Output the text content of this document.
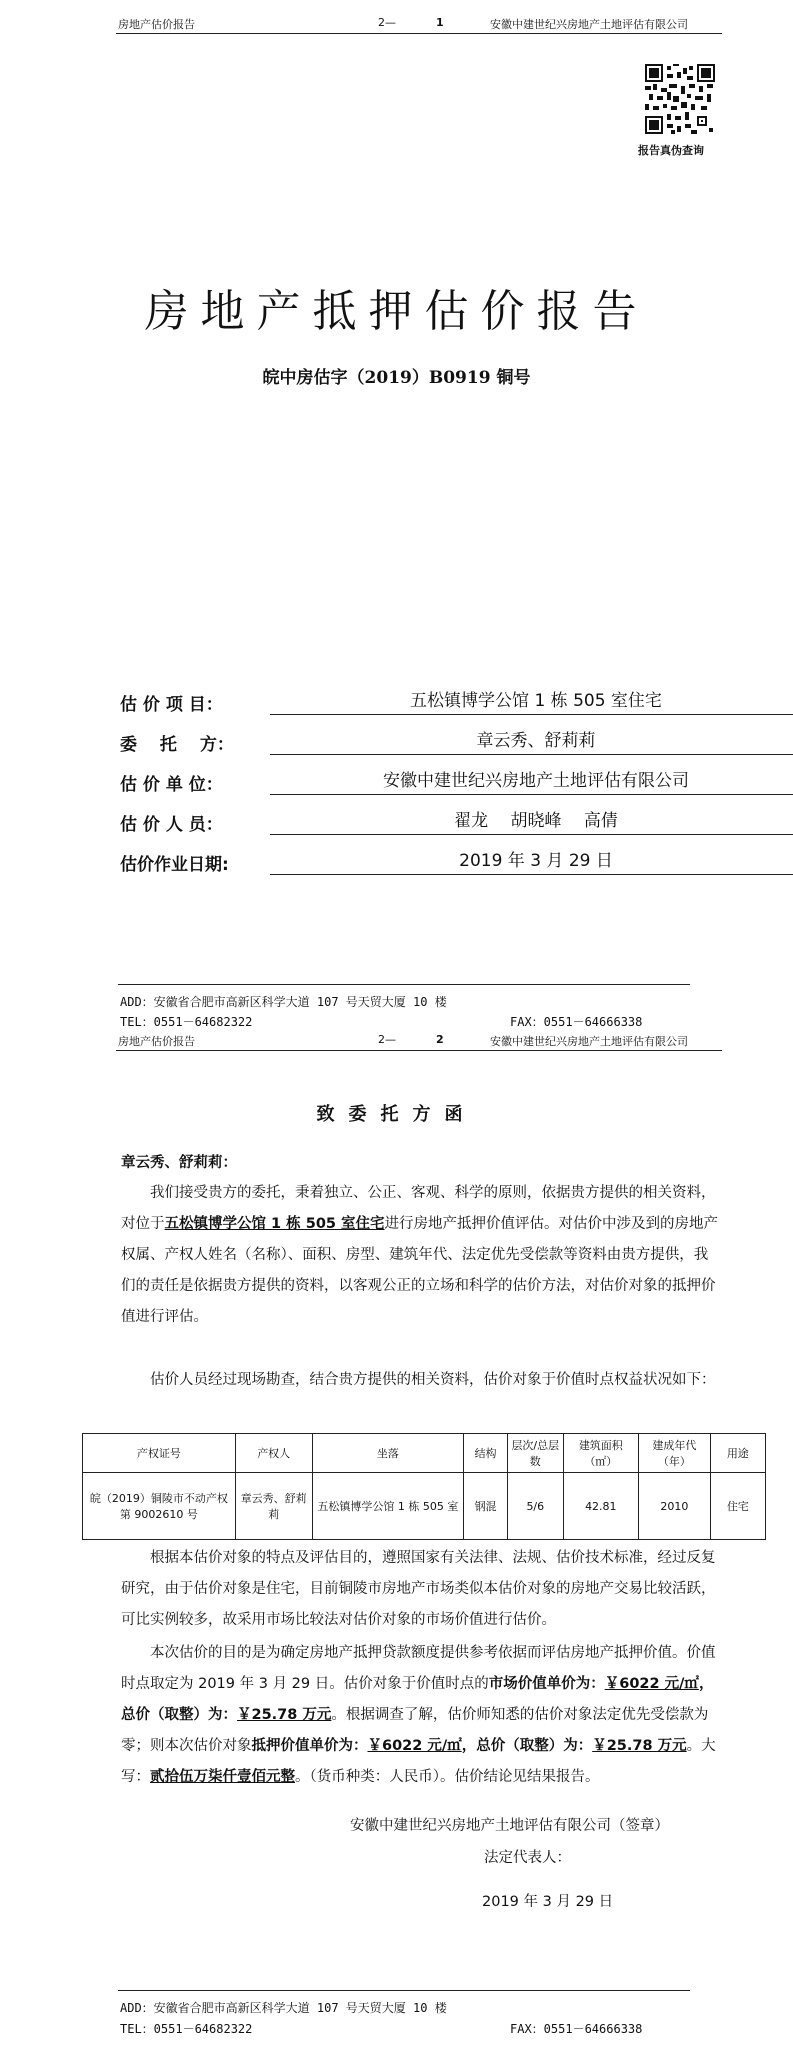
房地产估价报告	2—	1	安徽中建世纪兴房地产土地评估有限公司
报告真伪查询
房地产抵押估价报告
皖中房估字（2019）B0919 铜号
估 价 项 目：	五松镇博学公馆 1 栋 505 室住宅
委　 托　 方：	章云秀、舒莉莉
估 价 单 位：	安徽中建世纪兴房地产土地评估有限公司
估 价 人 员：	翟龙　 胡晓峰　 高倩
估价作业日期:	2019 年 3 月 29 日
ADD：安徽省合肥市高新区科学大道 107 号天贸大厦 10 楼
TEL：0551－64682322	FAX：0551－64666338
房地产估价报告	2—	2	安徽中建世纪兴房地产土地评估有限公司
致委托方函
章云秀、舒莉莉：
我们接受贵方的委托，秉着独立、公正、客观、科学的原则，依据贵方提供的相关资料，对位于五松镇博学公馆 1 栋 505 室住宅进行房地产抵押价值评估。对估价中涉及到的房地产权属、产权人姓名（名称）、面积、房型、建筑年代、法定优先受偿款等资料由贵方提供，我们的责任是依据贵方提供的资料，以客观公正的立场和科学的估价方法，对估价对象的抵押价值进行评估。
估价人员经过现场勘查，结合贵方提供的相关资料，估价对象于价值时点权益状况如下：
产权证号	产权人	坐落	结构	层次/总层数	建筑面积（㎡）	建成年代（年）	用途
皖（2019）铜陵市不动产权第 9002610 号	章云秀、舒莉莉	五松镇博学公馆 1 栋 505 室	钢混	5/6	42.81	2010	住宅
根据本估价对象的特点及评估目的，遵照国家有关法律、法规、估价技术标准，经过反复研究，由于估价对象是住宅，目前铜陵市房地产市场类似本估价对象的房地产交易比较活跃，可比实例较多，故采用市场比较法对估价对象的市场价值进行估价。
本次估价的目的是为确定房地产抵押贷款额度提供参考依据而评估房地产抵押价值。价值时点取定为 2019 年 3 月 29 日。估价对象于价值时点的市场价值单价为：￥6022 元/㎡，总价（取整）为：￥25.78 万元。根据调查了解，估价师知悉的估价对象法定优先受偿款为零；则本次估价对象抵押价值单价为：￥6022 元/㎡，总价（取整）为：￥25.78 万元。大写：贰拾伍万柒仟壹佰元整。（货币种类：人民币）。估价结论见结果报告。
安徽中建世纪兴房地产土地评估有限公司（签章）
法定代表人：
2019 年 3 月 29 日
ADD：安徽省合肥市高新区科学大道 107 号天贸大厦 10 楼
TEL：0551－64682322	FAX：0551－64666338
